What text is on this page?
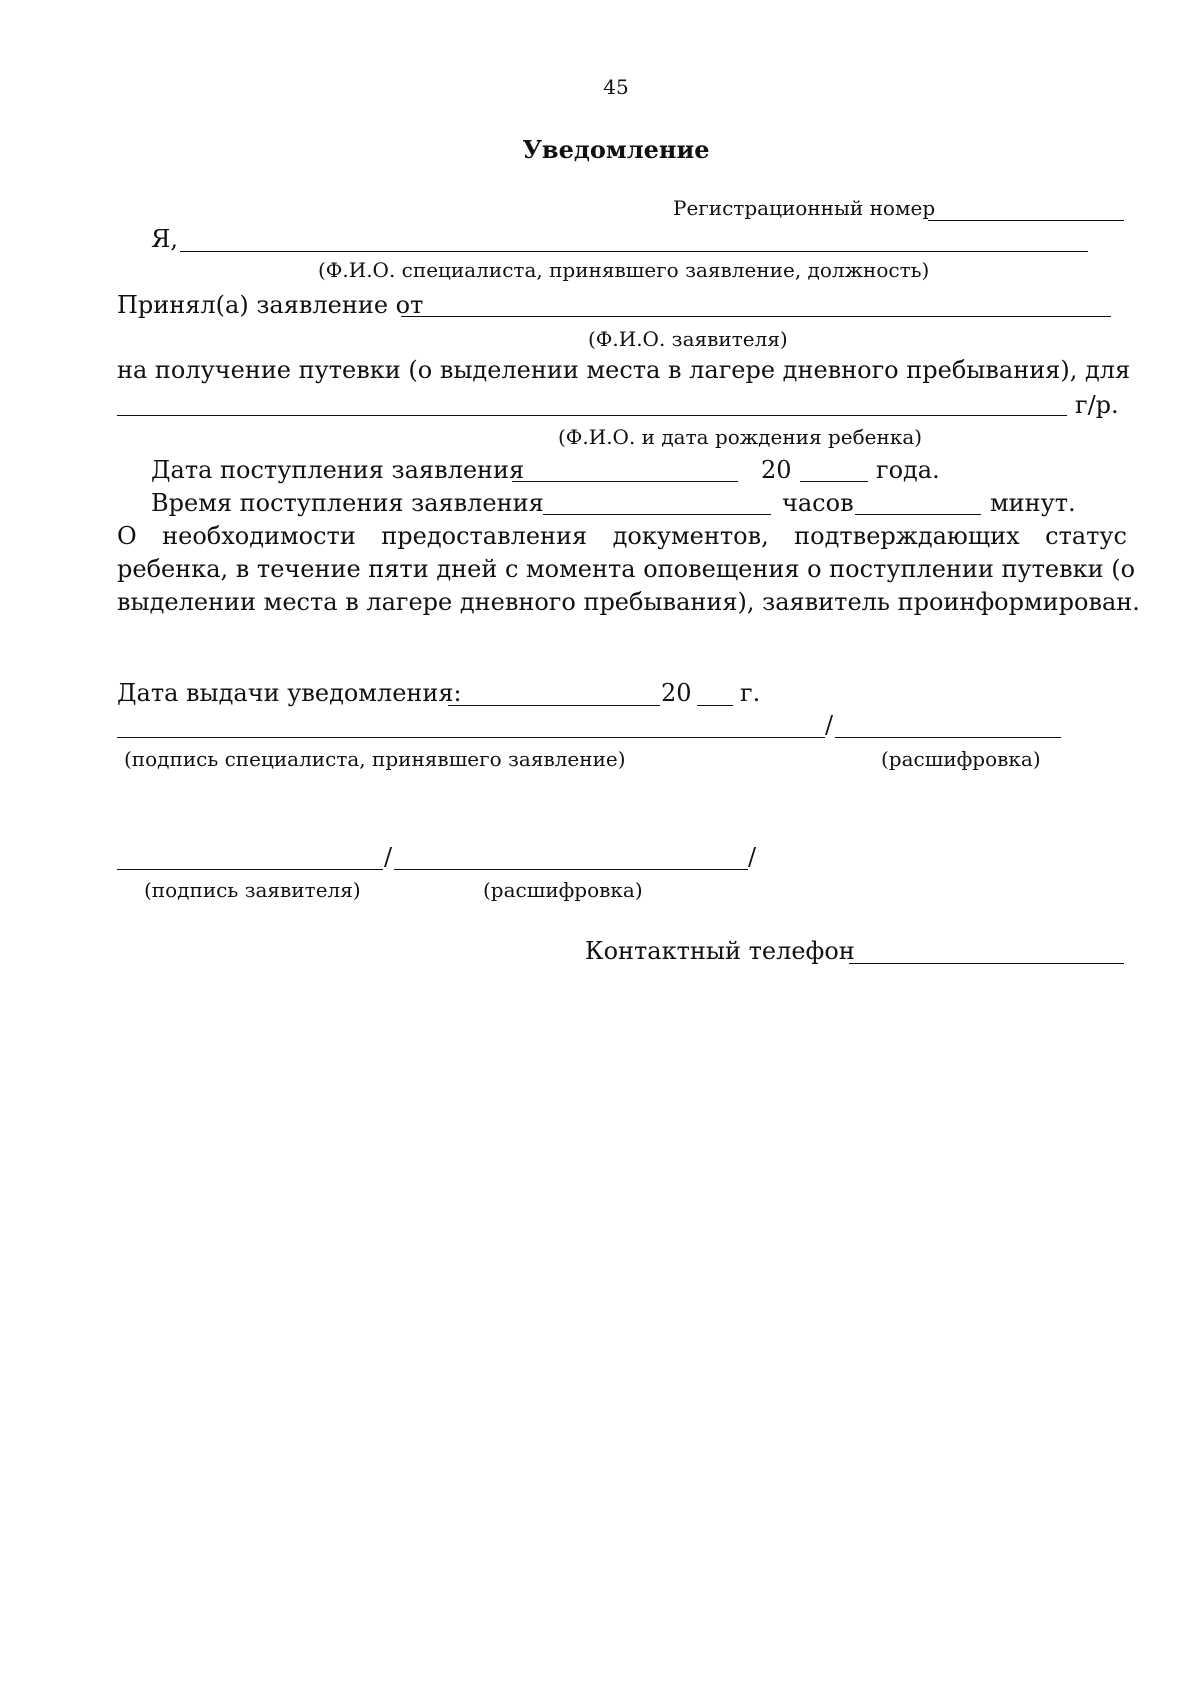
45
Уведомление
Регистрационный номер
Я,
(Ф.И.О. специалиста, принявшего заявление, должность)
Принял(а) заявление от
(Ф.И.О. заявителя)
на получение путевки (о выделении места в лагере дневного пребывания), для
г/р.
(Ф.И.О. и дата рождения ребенка)
Дата поступления заявления	20	года.
Время поступления заявления	часов	минут.
О необходимости предоставления документов, подтверждающих статус
ребенка, в течение пяти дней с момента оповещения о поступлении путевки (о
выделении места в лагере дневного пребывания), заявитель проинформирован.
Дата выдачи уведомления:	20 г.
/
(подпись специалиста, принявшего заявление)	(расшифровка)
/	/
(подпись заявителя)	(расшифровка)
Контактный телефон
